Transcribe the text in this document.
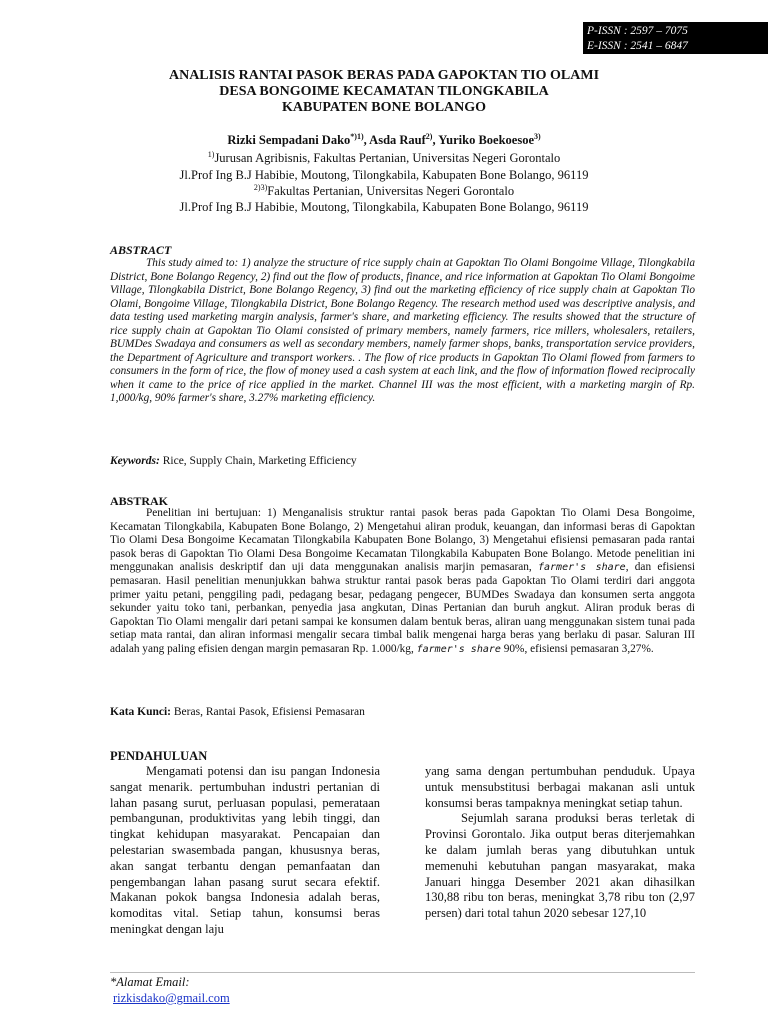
P-ISSN : 2597 – 7075
E-ISSN : 2541 – 6847
ANALISIS RANTAI PASOK BERAS PADA GAPOKTAN TIO OLAMI
DESA BONGOIME KECAMATAN TILONGKABILA
KABUPATEN BONE BOLANGO
Rizki Sempadani Dako$^{*)1)}$, Asda Rauf$^{2)}$, Yuriko Boekoesoe$^{3)}$
$^{1)}$Jurusan Agribisnis, Fakultas Pertanian, Universitas Negeri Gorontalo
Jl.Prof Ing B.J Habibie, Moutong, Tilongkabila, Kabupaten Bone Bolango, 96119
$^{2)3)}$Fakultas Pertanian, Universitas Negeri Gorontalo
Jl.Prof Ing B.J Habibie, Moutong, Tilongkabila, Kabupaten Bone Bolango, 96119
ABSTRACT
This study aimed to: 1) analyze the structure of rice supply chain at Gapoktan Tio Olami Bongoime Village, Tilongkabila District, Bone Bolango Regency, 2) find out the flow of products, finance, and rice information at Gapoktan Tio Olami Bongoime Village, Tilongkabila District, Bone Bolango Regency, 3) find out the marketing efficiency of rice supply chain at Gapoktan Tio Olami, Bongoime Village, Tilongkabila District, Bone Bolango Regency. The research method used was descriptive analysis, and data testing used marketing margin analysis, farmer's share, and marketing efficiency. The results showed that the structure of rice supply chain at Gapoktan Tio Olami consisted of primary members, namely farmers, rice millers, wholesalers, retailers, BUMDes Swadaya and consumers as well as secondary members, namely farmer shops, banks, transportation service providers, the Department of Agriculture and transport workers. . The flow of rice products in Gapoktan Tio Olami flowed from farmers to consumers in the form of rice, the flow of money used a cash system at each link, and the flow of information flowed reciprocally when it came to the price of rice applied in the market. Channel III was the most efficient, with a marketing margin of Rp. 1,000/kg, 90% farmer's share, 3.27% marketing efficiency.
Keywords: Rice, Supply Chain, Marketing Efficiency
ABSTRAK
Penelitian ini bertujuan: 1) Menganalisis struktur rantai pasok beras pada Gapoktan Tio Olami Desa Bongoime, Kecamatan Tilongkabila, Kabupaten Bone Bolango, 2) Mengetahui aliran produk, keuangan, dan informasi beras di Gapoktan Tio Olami Desa Bongoime Kecamatan Tilongkabila Kabupaten Bone Bolango, 3) Mengetahui efisiensi pemasaran pada rantai pasok beras di Gapoktan Tio Olami Desa Bongoime Kecamatan Tilongkabila Kabupaten Bone Bolango. Metode penelitian ini menggunakan analisis deskriptif dan uji data menggunakan analisis marjin pemasaran, farmer's share, dan efisiensi pemasaran. Hasil penelitian menunjukkan bahwa struktur rantai pasok beras pada Gapoktan Tio Olami terdiri dari anggota primer yaitu petani, penggiling padi, pedagang besar, pedagang pengecer, BUMDes Swadaya dan konsumen serta anggota sekunder yaitu toko tani, perbankan, penyedia jasa angkutan, Dinas Pertanian dan buruh angkut. Aliran produk beras di Gapoktan Tio Olami mengalir dari petani sampai ke konsumen dalam bentuk beras, aliran uang menggunakan sistem tunai pada setiap mata rantai, dan aliran informasi mengalir secara timbal balik mengenai harga beras yang berlaku di pasar. Saluran III adalah yang paling efisien dengan margin pemasaran Rp. 1.000/kg, farmer's share 90%, efisiensi pemasaran 3,27%.
Kata Kunci: Beras, Rantai Pasok, Efisiensi Pemasaran
PENDAHULUAN
Mengamati potensi dan isu pangan Indonesia sangat menarik. pertumbuhan industri pertanian di lahan pasang surut, perluasan populasi, pemerataan pembangunan, produktivitas yang lebih tinggi, dan tingkat kehidupan masyarakat. Pencapaian dan pelestarian swasembada pangan, khususnya beras, akan sangat terbantu dengan pemanfaatan dan pengembangan lahan pasang surut secara efektif. Makanan pokok bangsa Indonesia adalah beras, komoditas vital. Setiap tahun, konsumsi beras meningkat dengan laju

yang sama dengan pertumbuhan penduduk. Upaya untuk mensubstitusi berbagai makanan asli untuk konsumsi beras tampaknya meningkat setiap tahun.

Sejumlah sarana produksi beras terletak di Provinsi Gorontalo. Jika output beras diterjemahkan ke dalam jumlah beras yang dibutuhkan untuk memenuhi kebutuhan pangan masyarakat, maka Januari hingga Desember 2021 akan dihasilkan 130,88 ribu ton beras, meningkat 3,78 ribu ton (2,97 persen) dari total tahun 2020 sebesar 127,10

*Alamat Email:
rizkisdako@gmail.com
